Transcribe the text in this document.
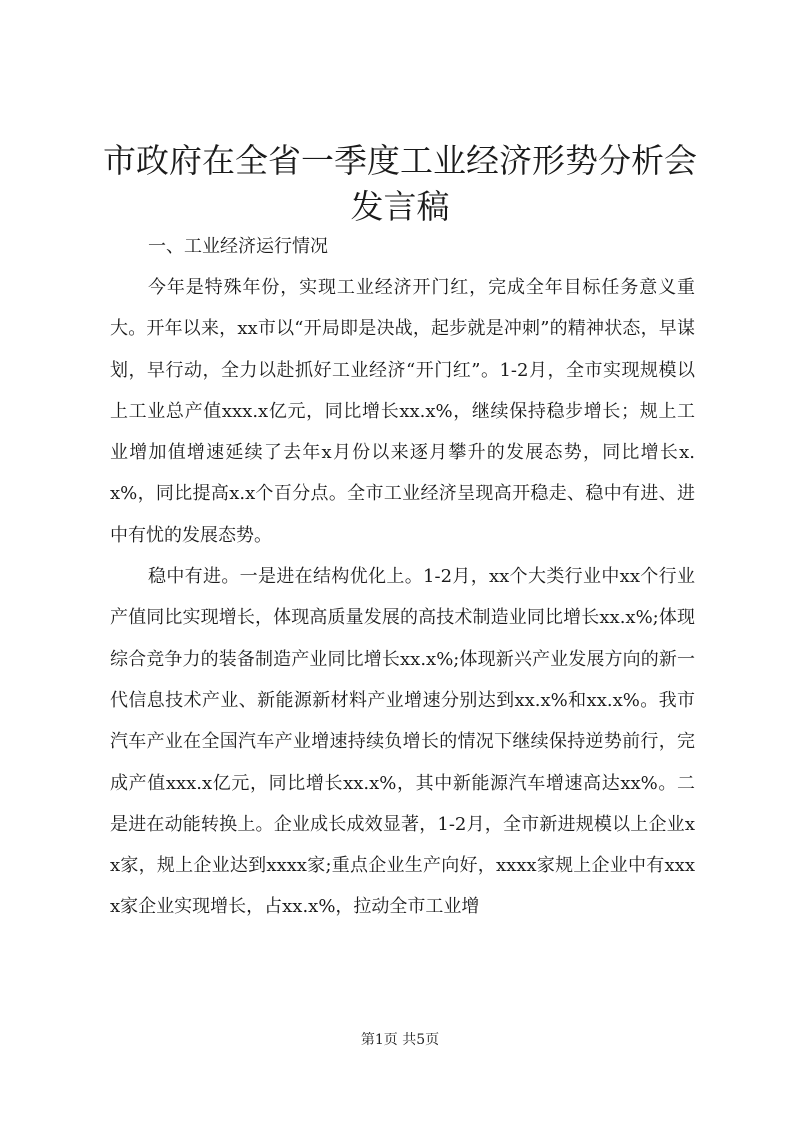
市政府在全省一季度工业经济形势分析会发言稿

一、工业经济运行情况

今年是特殊年份，实现工业经济开门红，完成全年目标任务意义重大。开年以来，xx市以“开局即是决战，起步就是冲刺”的精神状态，早谋划，早行动，全力以赴抓好工业经济“开门红”。1-2月，全市实现规模以上工业总产值xxx.x亿元，同比增长xx.x%，继续保持稳步增长；规上工业增加值增速延续了去年x月份以来逐月攀升的发展态势，同比增长x.x%，同比提高x.x个百分点。全市工业经济呈现高开稳走、稳中有进、进中有忧的发展态势。

稳中有进。一是进在结构优化上。1-2月，xx个大类行业中xx个行业产值同比实现增长，体现高质量发展的高技术制造业同比增长xx.x%;体现综合竞争力的装备制造产业同比增长xx.x%;体现新兴产业发展方向的新一代信息技术产业、新能源新材料产业增速分别达到xx.x%和xx.x%。我市汽车产业在全国汽车产业增速持续负增长的情况下继续保持逆势前行，完成产值xxx.x亿元，同比增长xx.x%，其中新能源汽车增速高达xx%。二是进在动能转换上。企业成长成效显著，1-2月，全市新进规模以上企业xx家，规上企业达到xxxx家;重点企业生产向好，xxxx家规上企业中有xxxx家企业实现增长，占xx.x%，拉动全市工业增

第1页 共5页
